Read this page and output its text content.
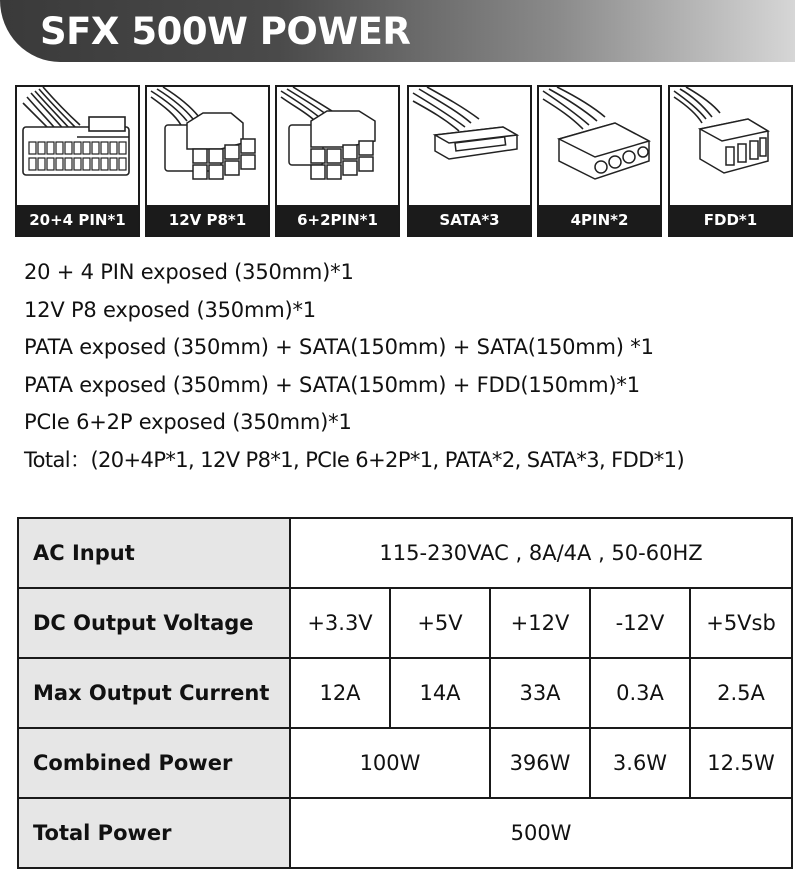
SFX 500W POWER
20+4 PIN*1	12V P8*1	6+2PIN*1	SATA*3	4PIN*2	FDD*1
20 + 4 PIN exposed (350mm)*1
12V P8 exposed (350mm)*1
PATA exposed (350mm) + SATA(150mm) + SATA(150mm) *1
PATA exposed (350mm) + SATA(150mm) + FDD(150mm)*1
PCIe 6+2P exposed (350mm)*1
Total：(20+4P*1, 12V P8*1, PCIe 6+2P*1, PATA*2, SATA*3, FDD*1)
AC Input	115-230VAC , 8A/4A , 50-60HZ				
DC Output Voltage	+3.3V	+5V	+12V	-12V	+5Vsb
Max Output Current	12A	14A	33A	0.3A	2.5A
Combined Power	100W		396W	3.6W	12.5W
Total Power	500W				
